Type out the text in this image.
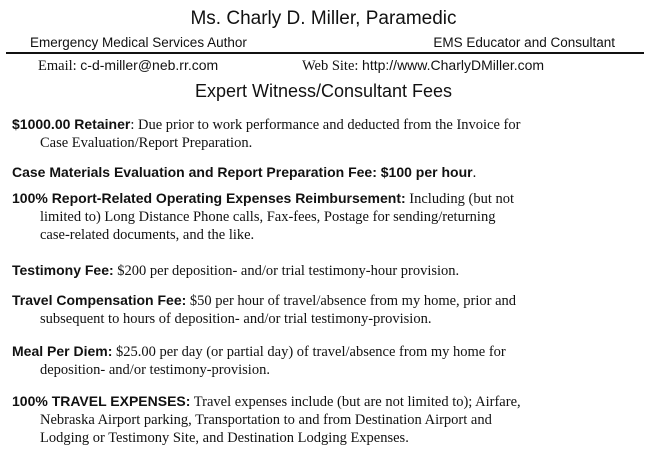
Ms. Charly D. Miller, Paramedic
Emergency Medical Services Author	EMS Educator and Consultant
Email: c-d-miller@neb.rr.com	Web Site: http://www.CharlyDMiller.com
Expert Witness/Consultant Fees
$1000.00 Retainer: Due prior to work performance and deducted from the Invoice for
Case Evaluation/Report Preparation.
Case Materials Evaluation and Report Preparation Fee: $100 per hour.
100% Report-Related Operating Expenses Reimbursement: Including (but not
limited to) Long Distance Phone calls, Fax-fees, Postage for sending/returning
case-related documents, and the like.
Testimony Fee: $200 per deposition- and/or trial testimony-hour provision.
Travel Compensation Fee: $50 per hour of travel/absence from my home, prior and
subsequent to hours of deposition- and/or trial testimony-provision.
Meal Per Diem: $25.00 per day (or partial day) of travel/absence from my home for
deposition- and/or testimony-provision.
100% TRAVEL EXPENSES: Travel expenses include (but are not limited to); Airfare,
Nebraska Airport parking, Transportation to and from Destination Airport and
Lodging or Testimony Site, and Destination Lodging Expenses.
